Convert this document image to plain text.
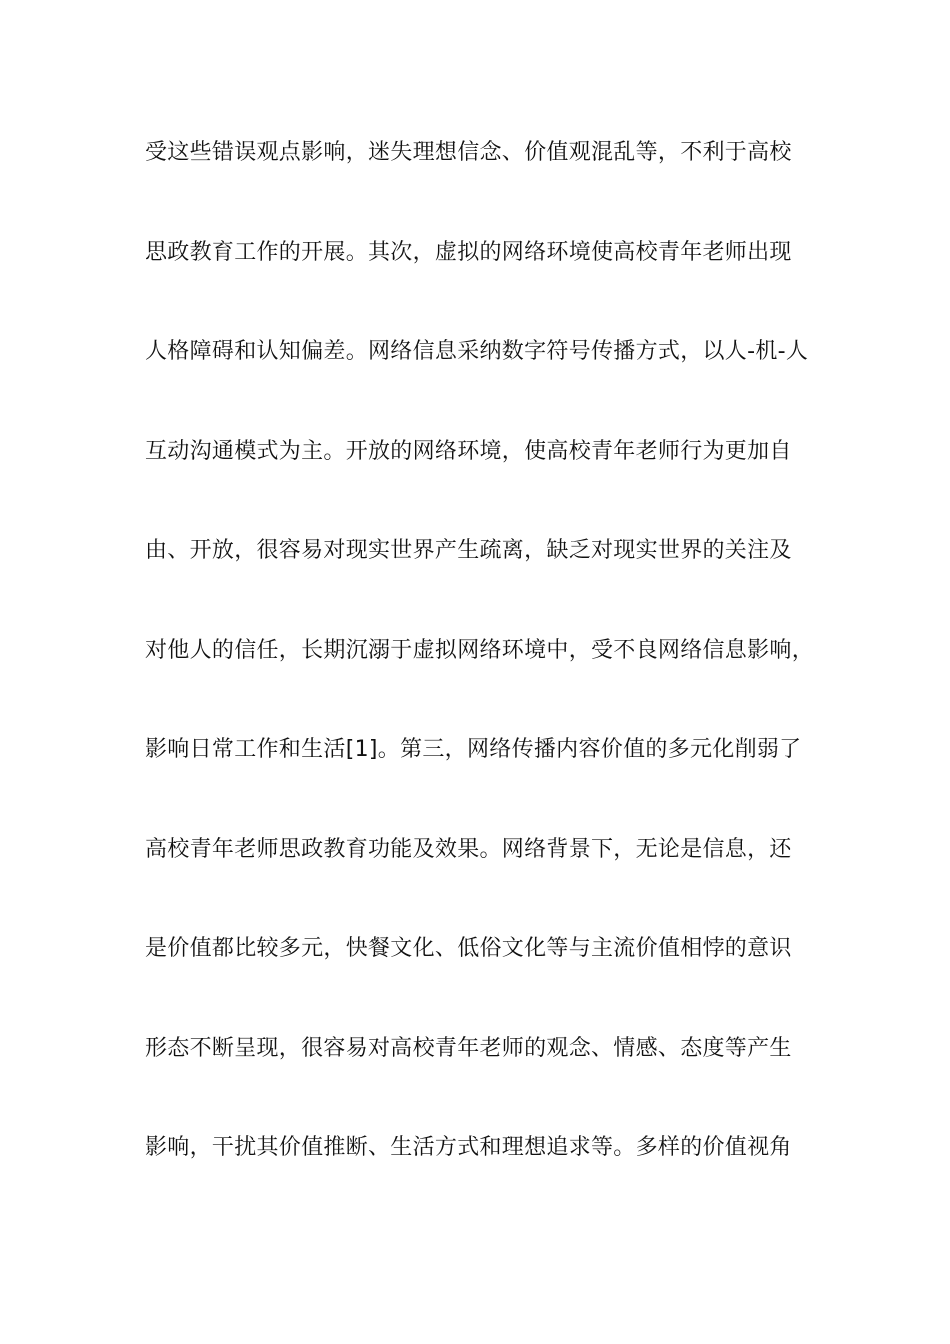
受这些错误观点影响，迷失理想信念、价值观混乱等，不利于高校
思政教育工作的开展。其次，虚拟的网络环境使高校青年老师出现
人格障碍和认知偏差。网络信息采纳数字符号传播方式，以人-机-人
互动沟通模式为主。开放的网络环境，使高校青年老师行为更加自
由、开放，很容易对现实世界产生疏离，缺乏对现实世界的关注及
对他人的信任，长期沉溺于虚拟网络环境中，受不良网络信息影响，
影响日常工作和生活[1]。第三，网络传播内容价值的多元化削弱了
高校青年老师思政教育功能及效果。网络背景下，无论是信息，还
是价值都比较多元，快餐文化、低俗文化等与主流价值相悖的意识
形态不断呈现，很容易对高校青年老师的观念、情感、态度等产生
影响，干扰其价值推断、生活方式和理想追求等。多样的价值视角
